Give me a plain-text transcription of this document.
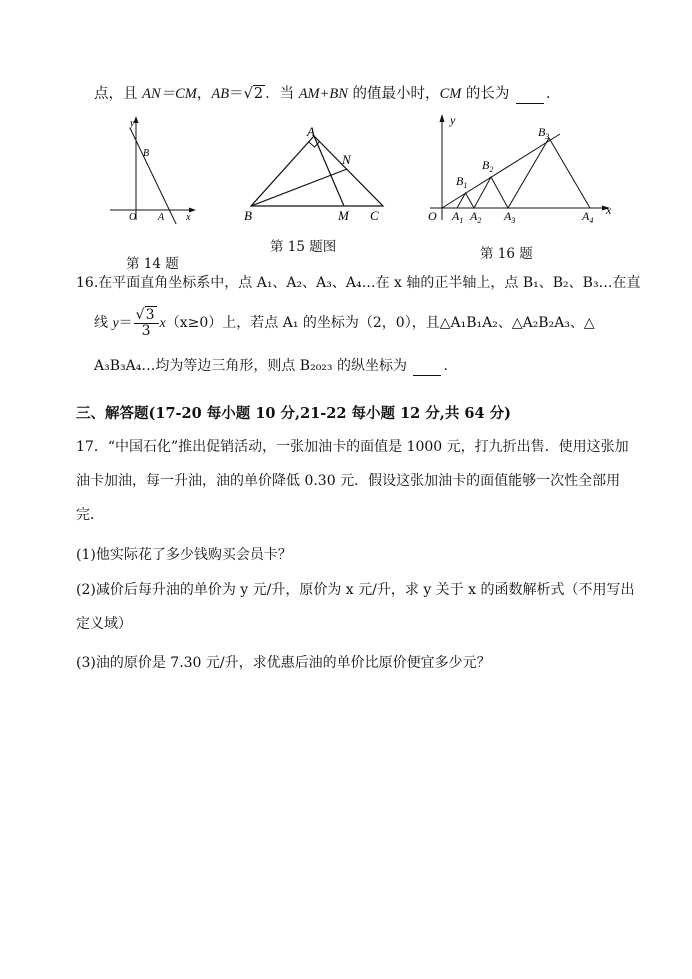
点，且 AN＝CM，AB＝√2 ．当 AM+BN 的值最小时，CM 的长为 ．
y
x
O A
B
第 14 题
A
B	C
M
N
第 15 题图
O
y
x
$A_1$ $A_2$ $A_3$	$A_4$
$B_1$
$B_2$
$B_3$
第 16 题
16.在平面直角坐标系中，点 A₁、A₂、A₃、A₄…在 x 轴的正半轴上，点 B₁、B₂、B₃…在直
线 $y= \frac{√3}{3} x(x\ge 0)$上，若点 A₁ 的坐标为（2，0），且△A₁B₁A₂、△A₂B₂A₃、△
A₃B₃A₄…均为等边三角形，则点 B₂₀₂₃ 的纵坐标为 ．
三、解答题(17-20 每小题 10 分,21-22 每小题 12 分,共 64 分)
17．“中国石化”推出促销活动，一张加油卡的面值是 1000 元，打九折出售．使用这张加
油卡加油，每一升油，油的单价降低 0.30 元．假设这张加油卡的面值能够一次性全部用
完．
(1)他实际花了多少钱购买会员卡？
(2)减价后每升油的单价为 y 元/升，原价为 x 元/升，求 y 关于 x 的函数解析式（不用写出
定义域）
(3)油的原价是 7.30 元/升，求优惠后油的单价比原价便宜多少元？
